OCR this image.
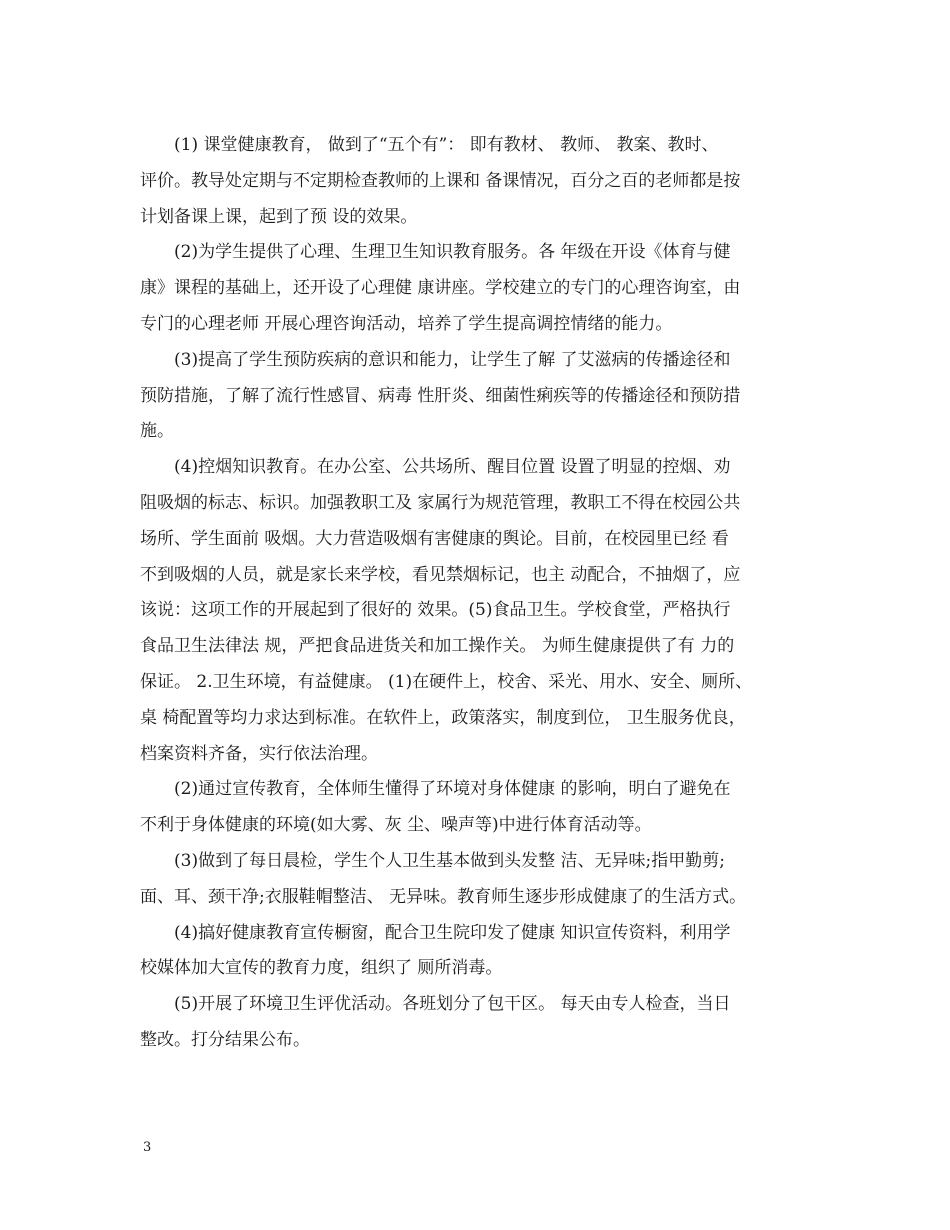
(1) 课堂健康教育， 做到了“五个有”： 即有教材、 教师、 教案、教时、

评价。教导处定期与不定期检查教师的上课和 备课情况，百分之百的老师都是按
计划备课上课，起到了预 设的效果。

(2)为学生提供了心理、生理卫生知识教育服务。各 年级在开设《体育与健

康》课程的基础上，还开设了心理健 康讲座。学校建立的专门的心理咨询室，由
专门的心理老师 开展心理咨询活动，培养了学生提高调控情绪的能力。

(3)提高了学生预防疾病的意识和能力，让学生了解 了艾滋病的传播途径和

预防措施，了解了流行性感冒、病毒 性肝炎、细菌性痢疾等的传播途径和预防措
施。

(4)控烟知识教育。在办公室、公共场所、醒目位置 设置了明显的控烟、劝

阻吸烟的标志、标识。加强教职工及 家属行为规范管理，教职工不得在校园公共
场所、学生面前 吸烟。大力营造吸烟有害健康的舆论。目前，在校园里已经 看
不到吸烟的人员，就是家长来学校，看见禁烟标记，也主 动配合，不抽烟了，应
该说：这项工作的开展起到了很好的 效果。(5)食品卫生。学校食堂，严格执行
食品卫生法律法 规，严把食品进货关和加工操作关。 为师生健康提供了有 力的
保证。 2.卫生环境，有益健康。 (1)在硬件上，校舍、采光、用水、安全、厕所、
桌 椅配置等均力求达到标准。在软件上，政策落实，制度到位， 卫生服务优良，
档案资料齐备，实行依法治理。

(2)通过宣传教育，全体师生懂得了环境对身体健康 的影响，明白了避免在

不利于身体健康的环境(如大雾、灰 尘、噪声等)中进行体育活动等。

(3)做到了每日晨检，学生个人卫生基本做到头发整 洁、无异味;指甲勤剪;

面、耳、颈干净;衣服鞋帽整洁、 无异味。教育师生逐步形成健康了的生活方式。

(4)搞好健康教育宣传橱窗，配合卫生院印发了健康 知识宣传资料，利用学

校媒体加大宣传的教育力度，组织了 厕所消毒。

(5)开展了环境卫生评优活动。各班划分了包干区。 每天由专人检查，当日

整改。打分结果公布。
3
